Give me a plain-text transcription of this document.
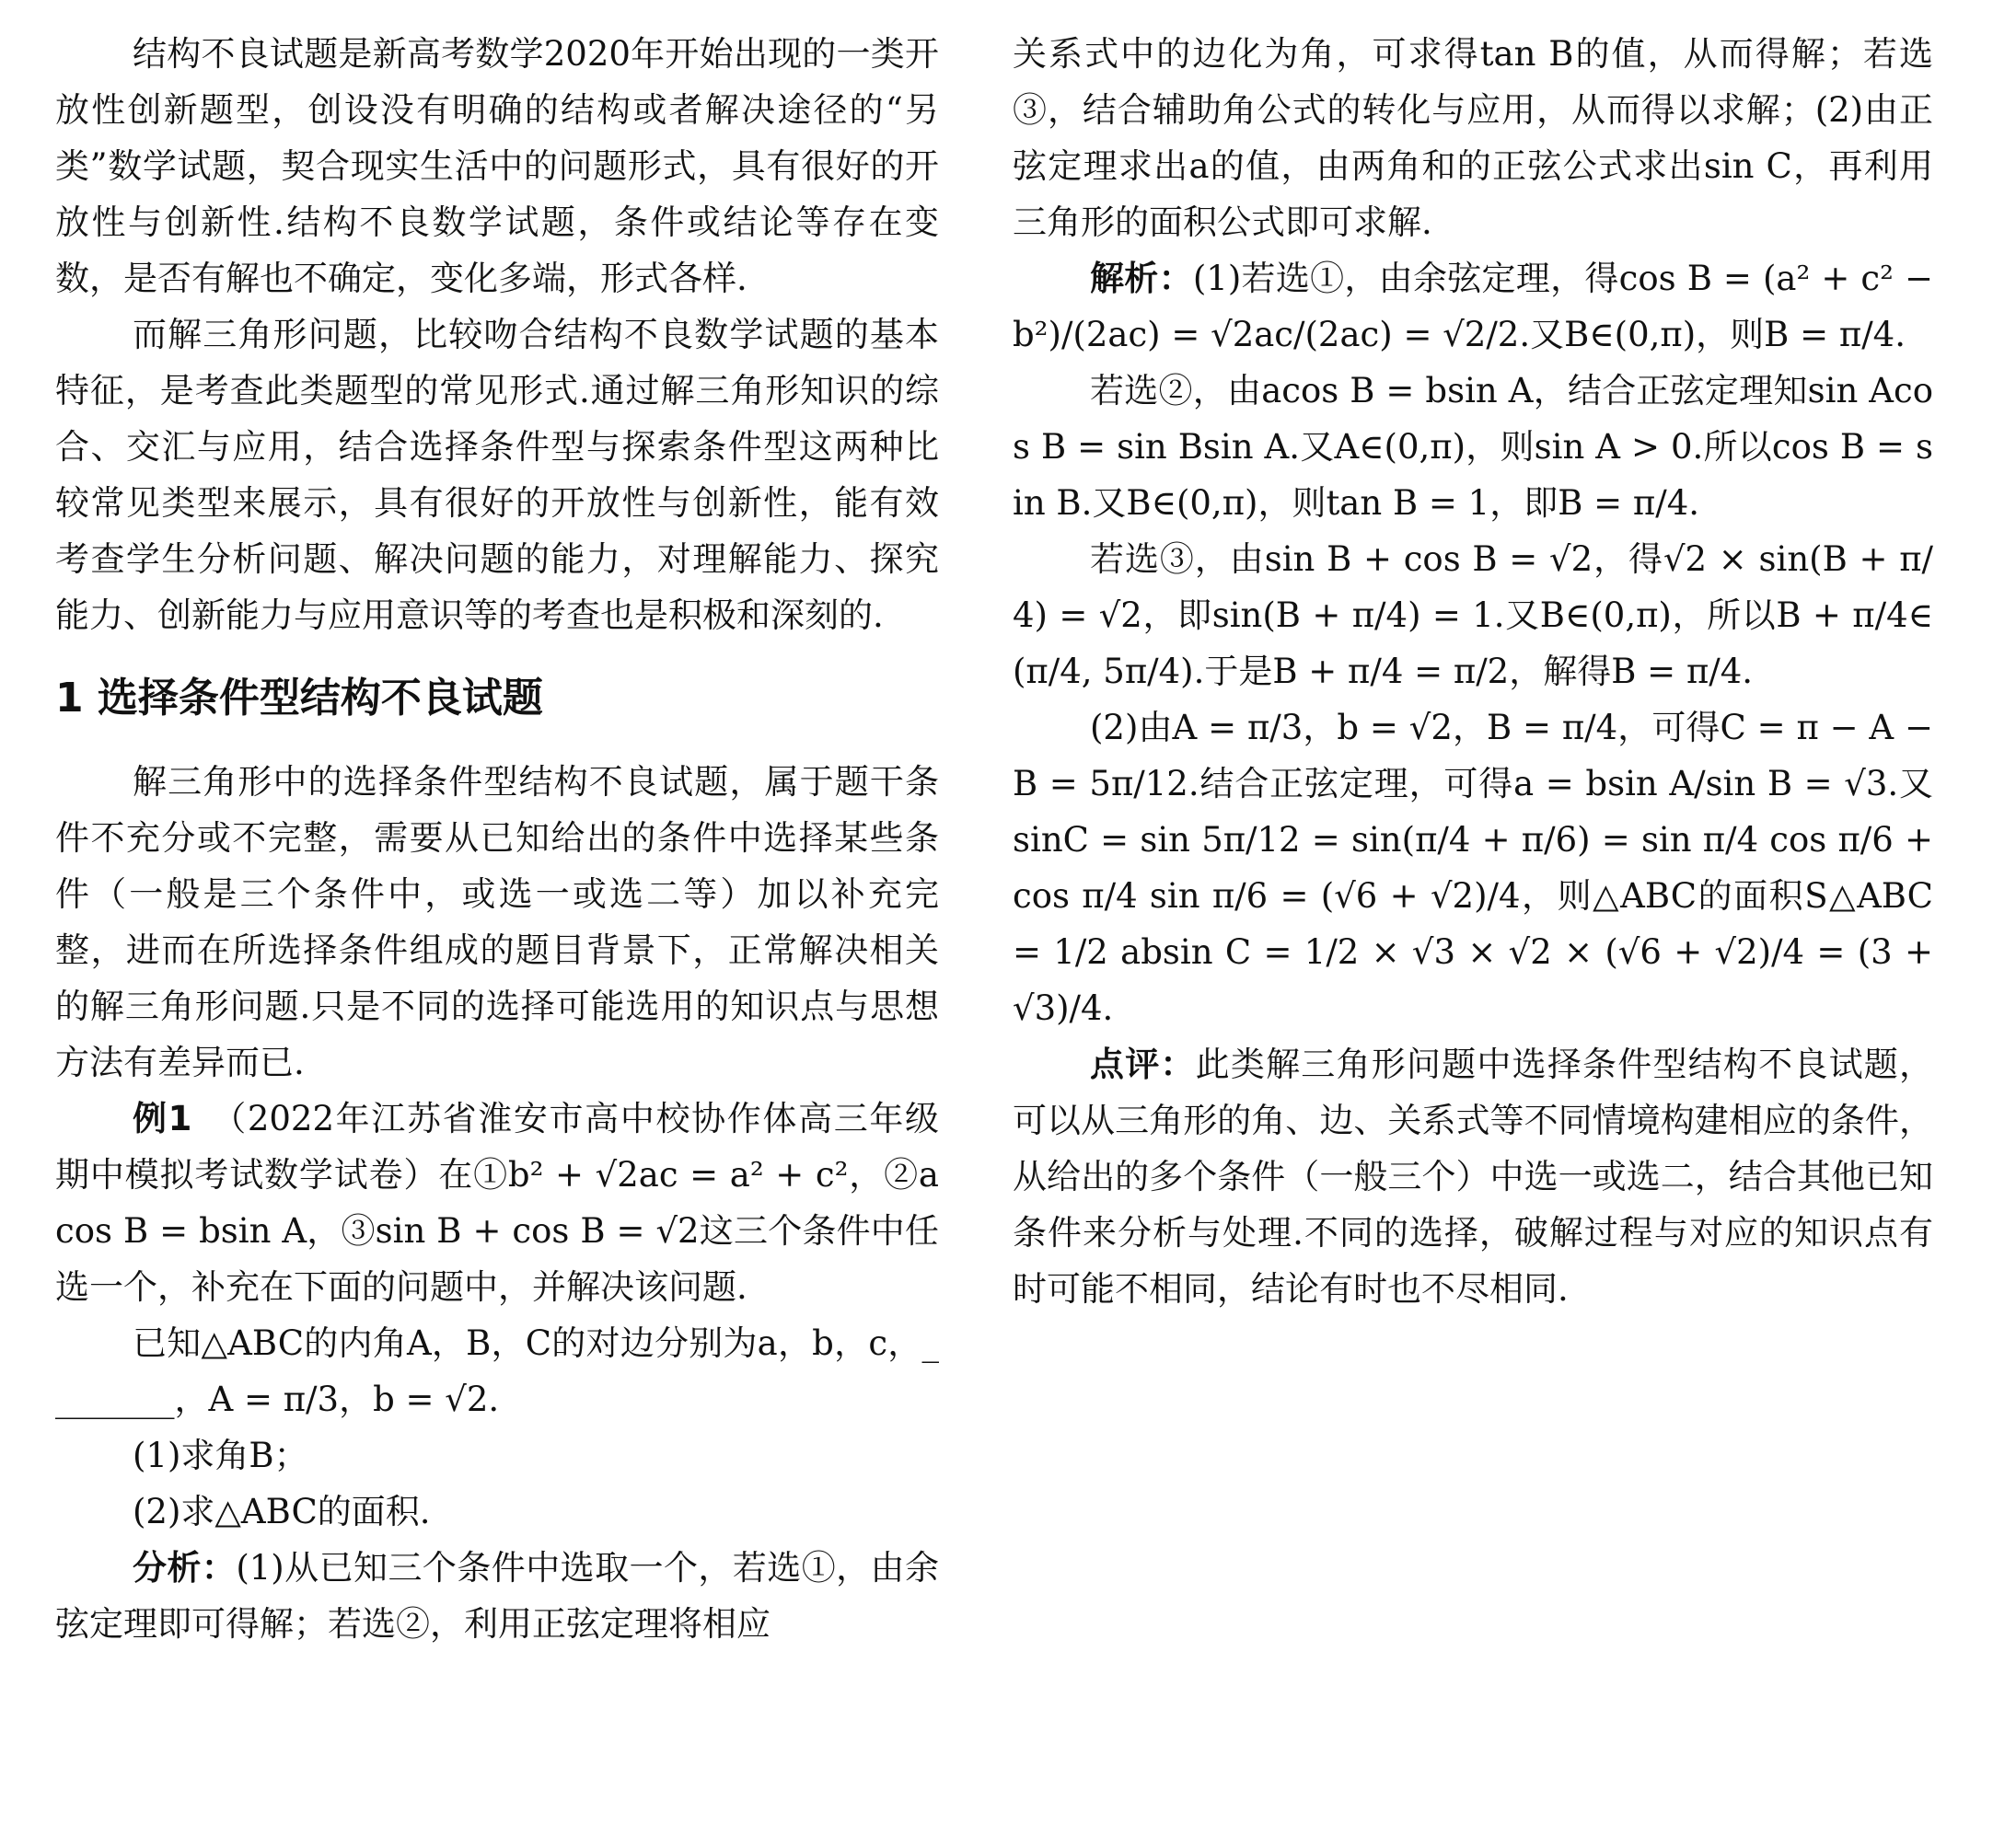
结构不良试题是新高考数学2020年开始出现的一类开放性创新题型，创设没有明确的结构或者解决途径的“另类”数学试题，契合现实生活中的问题形式，具有很好的开放性与创新性.结构不良数学试题，条件或结论等存在变数，是否有解也不确定，变化多端，形式各样.

而解三角形问题，比较吻合结构不良数学试题的基本特征，是考查此类题型的常见形式.通过解三角形知识的综合、交汇与应用，结合选择条件型与探索条件型这两种比较常见类型来展示，具有很好的开放性与创新性，能有效考查学生分析问题、解决问题的能力，对理解能力、探究能力、创新能力与应用意识等的考查也是积极和深刻的.

1 选择条件型结构不良试题

解三角形中的选择条件型结构不良试题，属于题干条件不充分或不完整，需要从已知给出的条件中选择某些条件（一般是三个条件中，或选一或选二等）加以补充完整，进而在所选择条件组成的题目背景下，正常解决相关的解三角形问题.只是不同的选择可能选用的知识点与思想方法有差异而已.

例1　 （2022年江苏省淮安市高中校协作体高三年级期中模拟考试数学试卷）在①b² + √2ac = a² + c²，②acos B = bsin A，③sin B + cos B = √2这三个条件中任选一个，补充在下面的问题中，并解决该问题.

已知△ABC的内角A，B，C的对边分别为a，b，c，________，A = π/3，b = √2.

(1)求角B；

(2)求△ABC的面积.

分析：(1)从已知三个条件中选取一个，若选①，由余弦定理即可得解；若选②，利用正弦定理将相应

关系式中的边化为角，可求得tan B的值，从而得解；若选③，结合辅助角公式的转化与应用，从而得以求解；(2)由正弦定理求出a的值，由两角和的正弦公式求出sin C，再利用三角形的面积公式即可求解.

解析：(1)若选①，由余弦定理，得cos B = (a² + c² − b²)/(2ac) = √2ac/(2ac) = √2/2.又B∈(0,π)，则B = π/4.

若选②，由acos B = bsin A，结合正弦定理知sin Acos B = sin Bsin A.又A∈(0,π)，则sin A > 0.所以cos B = sin B.又B∈(0,π)，则tan B = 1，即B = π/4.

若选③，由sin B + cos B = √2，得√2 × sin(B + π/4) = √2，即sin(B + π/4) = 1.又B∈(0,π)，所以B + π/4∈(π/4, 5π/4).于是B + π/4 = π/2，解得B = π/4.

(2)由A = π/3，b = √2，B = π/4，可得C = π − A − B = 5π/12.结合正弦定理，可得a = bsin A/sin B = √3.又sinC = sin 5π/12 = sin(π/4 + π/6) = sin π/4 cos π/6 + cos π/4 sin π/6 = (√6 + √2)/4，则△ABC的面积S△ABC = 1/2 absin C = 1/2 × √3 × √2 × (√6 + √2)/4 = (3 + √3)/4.

点评：此类解三角形问题中选择条件型结构不良试题，可以从三角形的角、边、关系式等不同情境构建相应的条件，从给出的多个条件（一般三个）中选一或选二，结合其他已知条件来分析与处理.不同的选择，破解过程与对应的知识点有时可能不相同，结论有时也不尽相同.
